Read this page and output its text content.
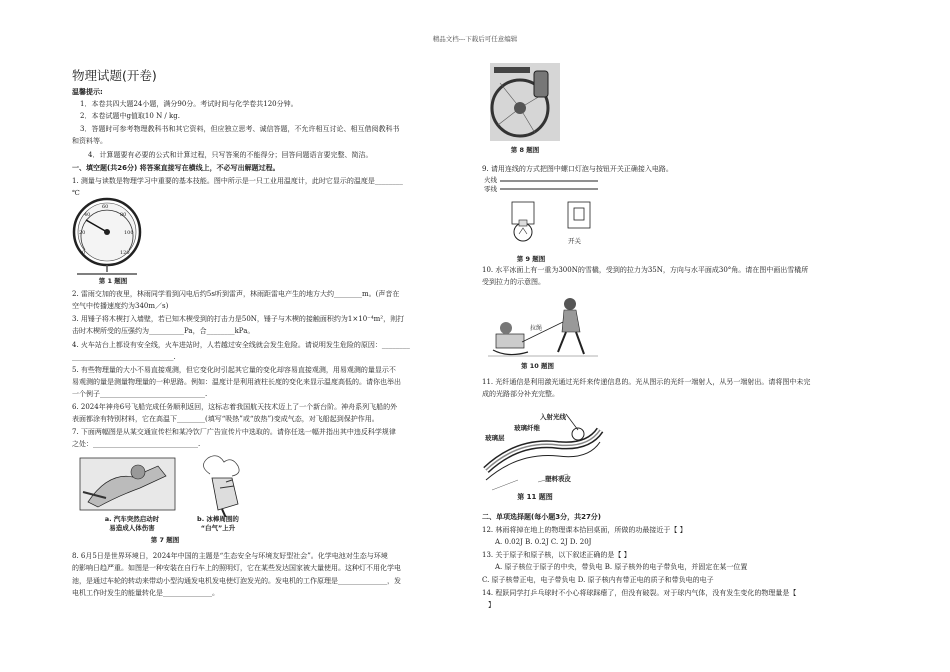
精品文档---下载后可任意编辑
物理试题(开卷)
温馨提示:
1．本卷共四大题24小题，满分90分。考试时间与化学卷共120分钟。
2．本卷试题中g值取10 N / kg.
3．答题时可参考物理教科书和其它资料，但应独立思考、诚信答题，不允许相互讨论、相互借阅教科书
和资料等。
4．计算题要有必要的公式和计算过程，只写答案的不能得分；回答问题语言要完整、简洁。
一、填空题(共26分) 将答案直接写在横线上，不必写出解题过程。
1. 测量与读数是物理学习中重要的基本技能。图中所示是一只工业用温度计，此时它显示的温度是________
℃
0
20
40
60
80
100
120
第 1 题图
2. 雷雨交加的夜里，林雨同学看到闪电后约5s听到雷声，林雨距雷电产生的地方大约________m。(声音在
空气中传播速度约为340m／s)
3. 用锤子将木楔打入墙壁，若已知木楔受到的打击力是50N，锤子与木楔的接触面积约为1×10⁻⁴m²，则打
击时木楔所受的压强约为__________Pa，合________kPa。
4. 火车站台上都设有安全线，火车进站时，人若越过安全线就会发生危险。请说明发生危险的原因：________
_____________________________.
5. 有些物理量的大小不易直接观测，但它变化时引起其它量的变化却容易直接观测，用易观测的量显示不
易观测的量是测量物理量的一种思路。例如：温度计是利用液柱长度的变化来显示温度高低的。请你也举出
一个例子______________________________.
6. 2024年神舟6号飞船完成任务顺利返回，这标志着我国航天技术迈上了一个新台阶。神舟系列飞船的外
表面都涂有特别材料，它在高温下________(填写“吸热”或“放热”)变成气态，对飞船起到保护作用。
7. 下面两幅图是从某交通宣传栏和某冷饮厂广告宣传片中选取的。请你任选一幅并指出其中违反科学规律
之处：______________________________.
a. 汽车突然启动时
易造成人体伤害
b. 冰棒周围的
“白气”上升
第 7 题图
8. 6月5日是世界环境日，2024年中国的主题是“生态安全与环境友好型社会”。化学电池对生态与环境
的影响日趋严重。如图是一种安装在自行车上的照明灯，它在某些发达国家被大量使用。这种灯不用化学电
池，是通过车轮的转动来带动小型沟通发电机发电使灯泡发光的。发电机的工作原理是______________，发
电机工作时发生的能量转化是______________。
第 8 题图
9. 请用连线的方式把图中螺口灯泡与按钮开关正确接入电路。
火线
零线
开关
第 9 题图
10. 水平冰面上有一重为300N的雪橇，受到的拉力为35N，方向与水平面成30°角。请在图中画出雪橇所
受到拉力的示意图。
拉绳
第 10 题图
11. 光纤通信是利用激光通过光纤来传递信息的。光从图示的光纤一端射人，从另一端射出。请将图中未完
成的光路部分补充完整。
入射光线
玻璃纤维
玻璃层
塑料表皮
第 11 题图
二、单项选择题(每小题3分，共27分)
12. 林雨将掉在地上的物理课本拾回桌面，所做的功最接近于【 】
A. 0.02J B. 0.2J C. 2J D. 20J
13. 关于原子和原子核，以下叙述正确的是【 】
A. 原子核位于原子的中央，带负电 B. 原子核外的电子带负电，并固定在某一位置
C. 原子核带正电，电子带负电 D. 原子核内有带正电的质子和带负电的电子
14. 程跃同学打乒乓球时不小心将球踩瘪了，但没有破裂。对于球内气体，没有发生变化的物理量是【
】
